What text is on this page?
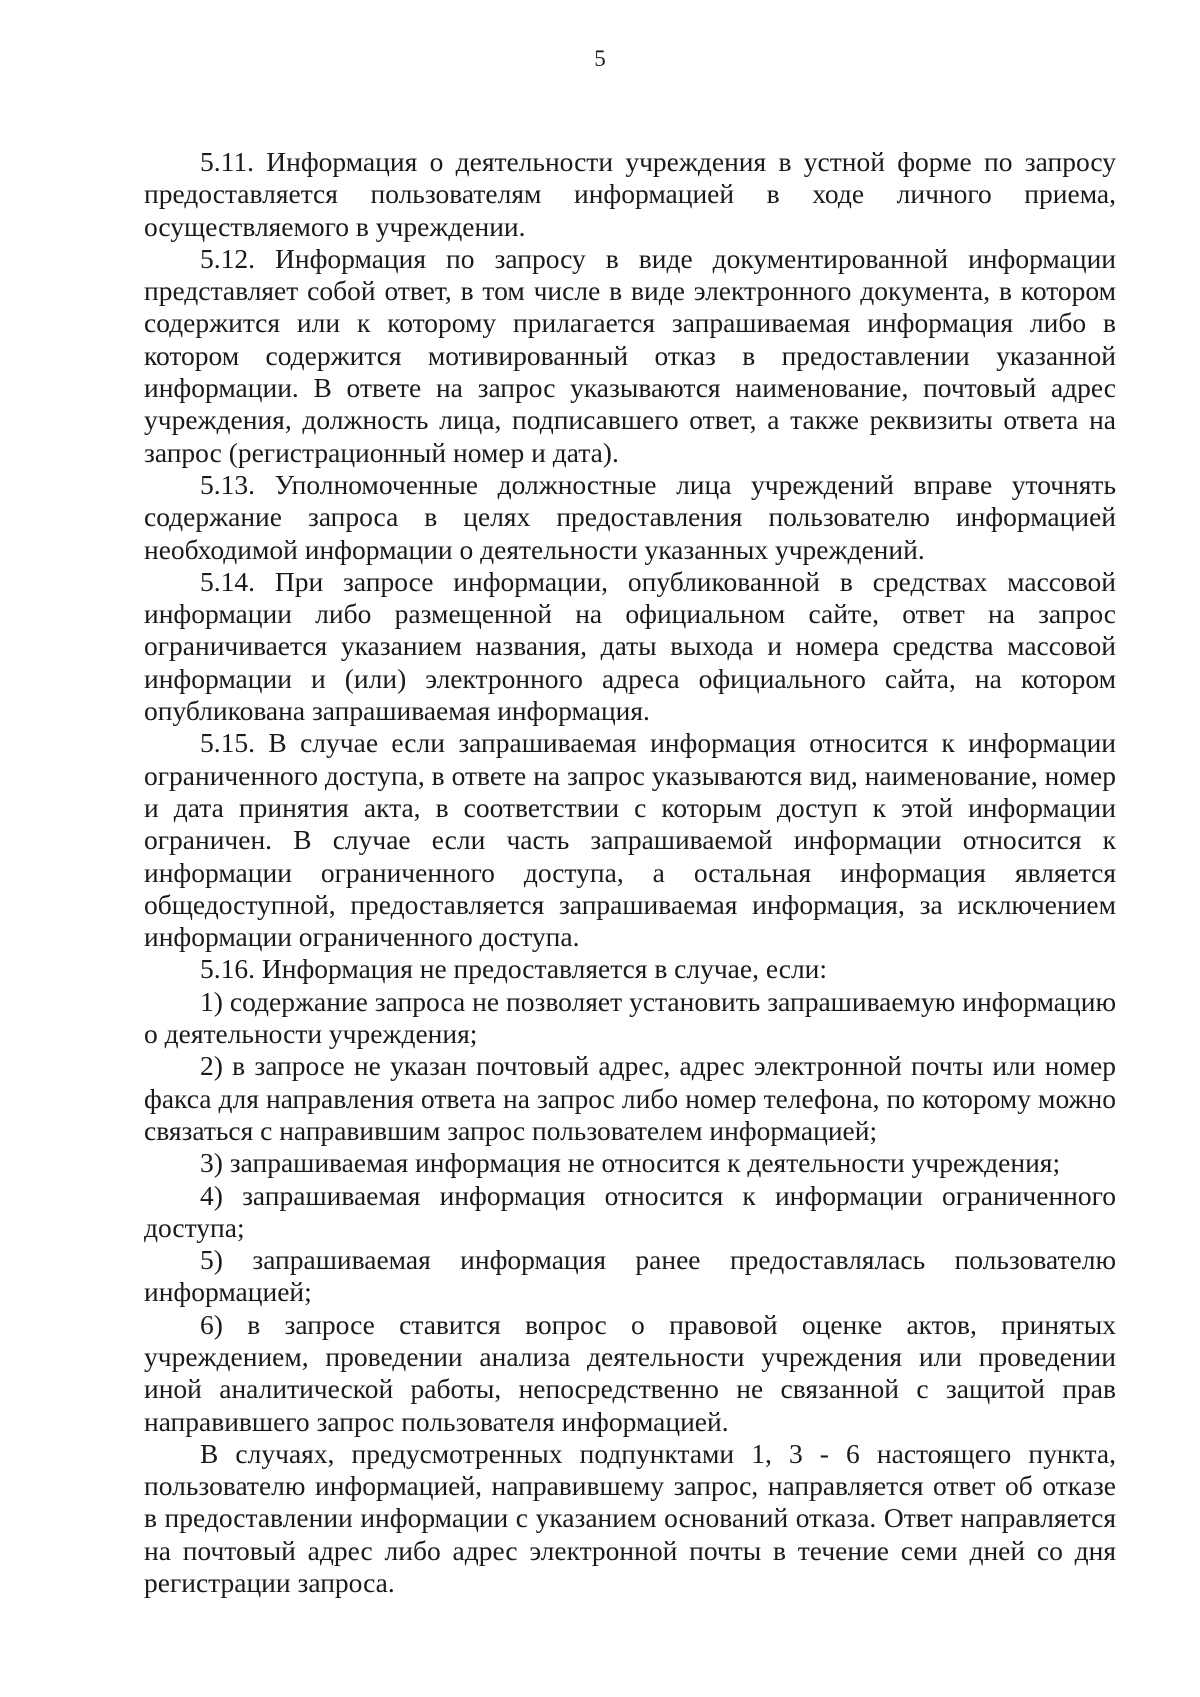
5

5.11. Информация о деятельности учреждения в устной форме по запросу предоставляется пользователям информацией в ходе личного приема, осуществляемого в учреждении.

5.12. Информация по запросу в виде документированной информации представляет собой ответ, в том числе в виде электронного документа, в котором содержится или к которому прилагается запрашиваемая информация либо в котором содержится мотивированный отказ в предоставлении указанной информации. В ответе на запрос указываются наименование, почтовый адрес учреждения, должность лица, подписавшего ответ, а также реквизиты ответа на запрос (регистрационный номер и дата).

5.13. Уполномоченные должностные лица учреждений вправе уточнять содержание запроса в целях предоставления пользователю информацией необходимой информации о деятельности указанных учреждений.

5.14. При запросе информации, опубликованной в средствах массовой информации либо размещенной на официальном сайте, ответ на запрос ограничивается указанием названия, даты выхода и номера средства массовой информации и (или) электронного адреса официального сайта, на котором опубликована запрашиваемая информация.

5.15. В случае если запрашиваемая информация относится к информации ограниченного доступа, в ответе на запрос указываются вид, наименование, номер и дата принятия акта, в соответствии с которым доступ к этой информации ограничен. В случае если часть запрашиваемой информации относится к информации ограниченного доступа, а остальная информация является общедоступной, предоставляется запрашиваемая информация, за исключением информации ограниченного доступа.

5.16. Информация не предоставляется в случае, если:

1) содержание запроса не позволяет установить запрашиваемую информацию о деятельности учреждения;

2) в запросе не указан почтовый адрес, адрес электронной почты или номер факса для направления ответа на запрос либо номер телефона, по которому можно связаться с направившим запрос пользователем информацией;

3) запрашиваемая информация не относится к деятельности учреждения;

4) запрашиваемая информация относится к информации ограниченного доступа;

5) запрашиваемая информация ранее предоставлялась пользователю информацией;

6) в запросе ставится вопрос о правовой оценке актов, принятых учреждением, проведении анализа деятельности учреждения или проведении иной аналитической работы, непосредственно не связанной с защитой прав направившего запрос пользователя информацией.

В случаях, предусмотренных подпунктами 1, 3 - 6 настоящего пункта, пользователю информацией, направившему запрос, направляется ответ об отказе в предоставлении информации с указанием оснований отказа. Ответ направляется на почтовый адрес либо адрес электронной почты в течение семи дней со дня регистрации запроса.
